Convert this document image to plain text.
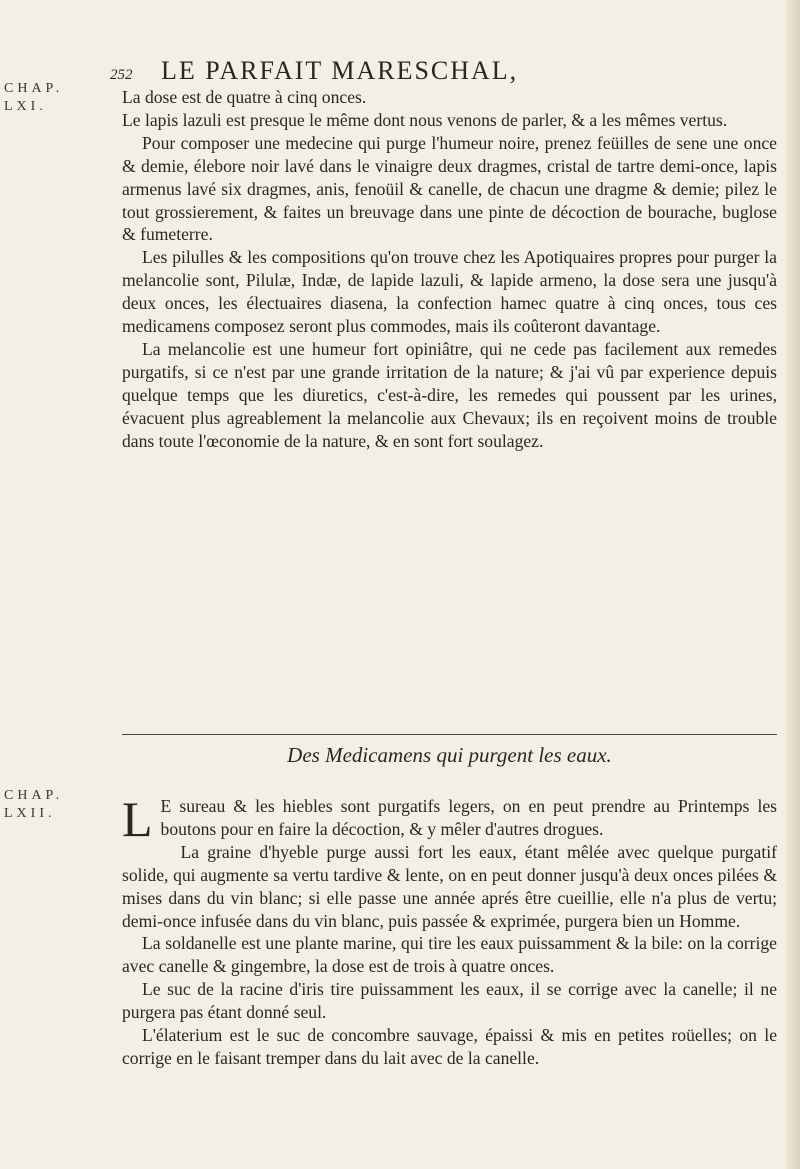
252 LE PARFAIT MARESCHAL,
CHAP.
LXI.	La dose est de quatre à cinq onces.

Le lapis lazuli est presque le même dont nous venons de parler, & a les mêmes vertus.

Pour composer une medecine qui purge l'humeur noire, prenez feüilles de sene une once & demie, élebore noir lavé dans le vinaigre deux dragmes, cristal de tartre demi-once, lapis armenus lavé six dragmes, anis, fenoüil & canelle, de chacun une dragme & demie; pilez le tout grossierement, & faites un breuvage dans une pinte de décoction de bourache, buglose & fumeterre.

Les pilulles & les compositions qu'on trouve chez les Apotiquaires propres pour purger la melancolie sont, Pilulæ, Indæ, de lapide lazuli, & lapide armeno, la dose sera une jusqu'à deux onces, les électuaires diasena, la confection hamec quatre à cinq onces, tous ces medicamens composez seront plus commodes, mais ils coûteront davantage.

La melancolie est une humeur fort opiniâtre, qui ne cede pas facilement aux remedes purgatifs, si ce n'est par une grande irritation de la nature; & j'ai vû par experience depuis quelque temps que les diuretics, c'est-à-dire, les remedes qui poussent par les urines, évacuent plus agreablement la melancolie aux Chevaux; ils en reçoivent moins de trouble dans toute l'œconomie de la nature, & en sont fort soulagez.

Des Medicamens qui purgent les eaux.
CHAP.
LXII. L E sureau & les hiebles sont purgatifs legers, on en peut prendre au Printemps les boutons pour en faire la décoction, & y mêler d'autres drogues.

La graine d'hyeble purge aussi fort les eaux, étant mêlée avec quelque purgatif solide, qui augmente sa vertu tardive & lente, on en peut donner jusqu'à deux onces pilées & mises dans du vin blanc; si elle passe une année aprés être cueillie, elle n'a plus de vertu; demi-once infusée dans du vin blanc, puis passée & exprimée, purgera bien un Homme.

La soldanelle est une plante marine, qui tire les eaux puissamment & la bile: on la corrige avec canelle & gingembre, la dose est de trois à quatre onces.

Le suc de la racine d'iris tire puissamment les eaux, il se corrige avec la canelle; il ne purgera pas étant donné seul.

L'élaterium est le suc de concombre sauvage, épaissi & mis en petites roüelles; on le corrige en le faisant tremper dans du lait avec de la canelle.
